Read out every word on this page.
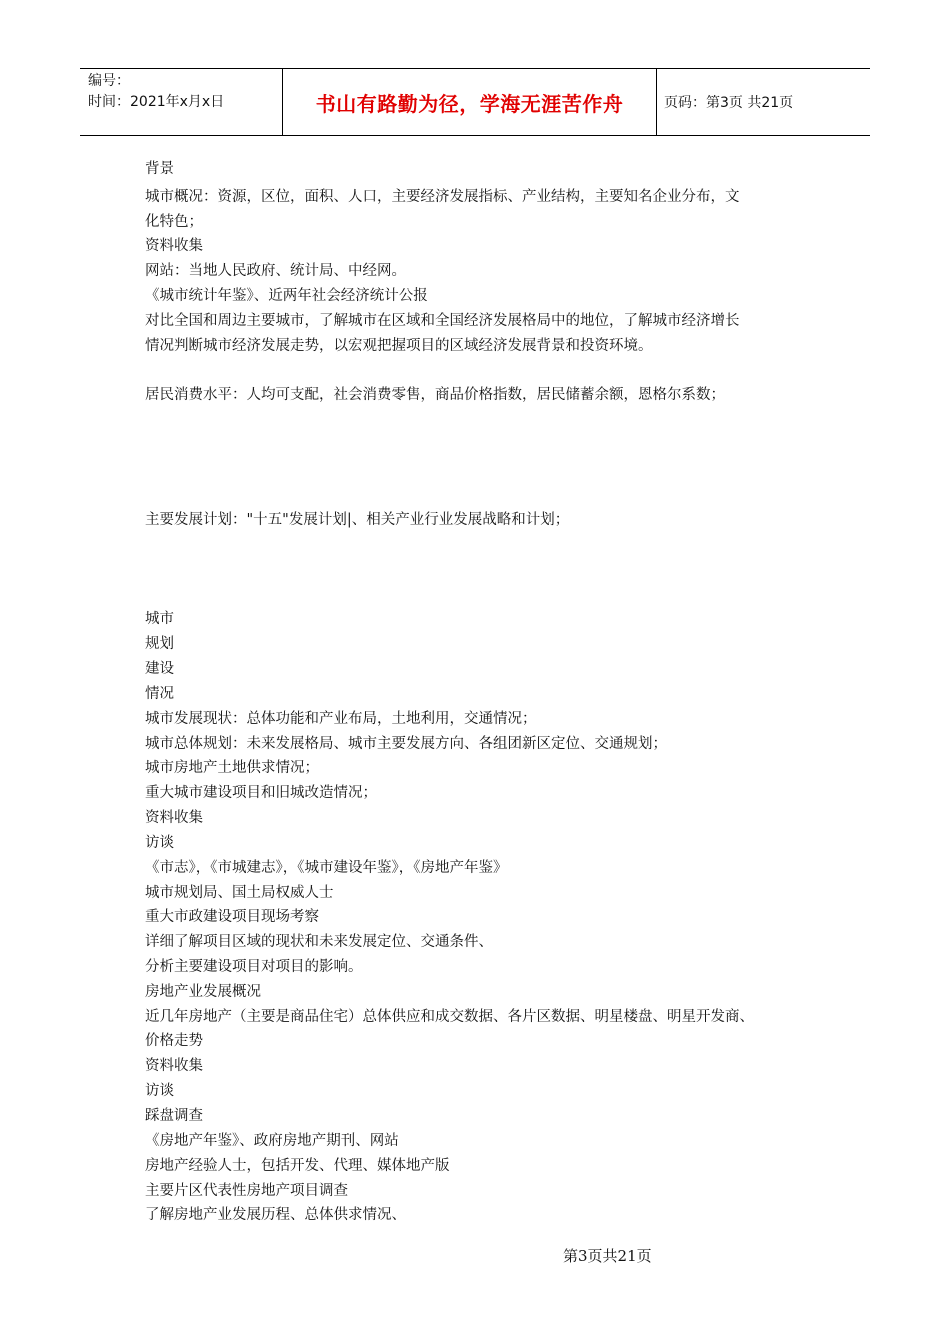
编号：
时间：2021年x月x日	书山有路勤为径，学海无涯苦作舟	页码：第3页 共21页
背景
城市概况：资源，区位，面积、人口，主要经济发展指标、产业结构，主要知名企业分布，文
化特色；
资料收集
网站：当地人民政府、统计局、中经网。
《城市统计年鉴》、近两年社会经济统计公报
对比全国和周边主要城市，了解城市在区域和全国经济发展格局中的地位，了解城市经济增长
情况判断城市经济发展走势，以宏观把握项目的区域经济发展背景和投资环境。
居民消费水平：人均可支配，社会消费零售，商品价格指数，居民储蓄余额，恩格尔系数；
主要发展计划："十五"发展计划|、相关产业行业发展战略和计划；
城市
规划
建设
情况
城市发展现状：总体功能和产业布局，土地利用，交通情况；
城市总体规划：未来发展格局、城市主要发展方向、各组团新区定位、交通规划；
城市房地产土地供求情况；
重大城市建设项目和旧城改造情况；
资料收集
访谈
《市志》，《市城建志》，《城市建设年鉴》，《房地产年鉴》
城市规划局、国土局权威人士
重大市政建设项目现场考察
详细了解项目区域的现状和未来发展定位、交通条件、
分析主要建设项目对项目的影响。
房地产业发展概况
近几年房地产（主要是商品住宅）总体供应和成交数据、各片区数据、明星楼盘、明星开发商、
价格走势
资料收集
访谈
踩盘调查
《房地产年鉴》、政府房地产期刊、网站
房地产经验人士，包括开发、代理、媒体地产版
主要片区代表性房地产项目调查
了解房地产业发展历程、总体供求情况、
第3页共21页
